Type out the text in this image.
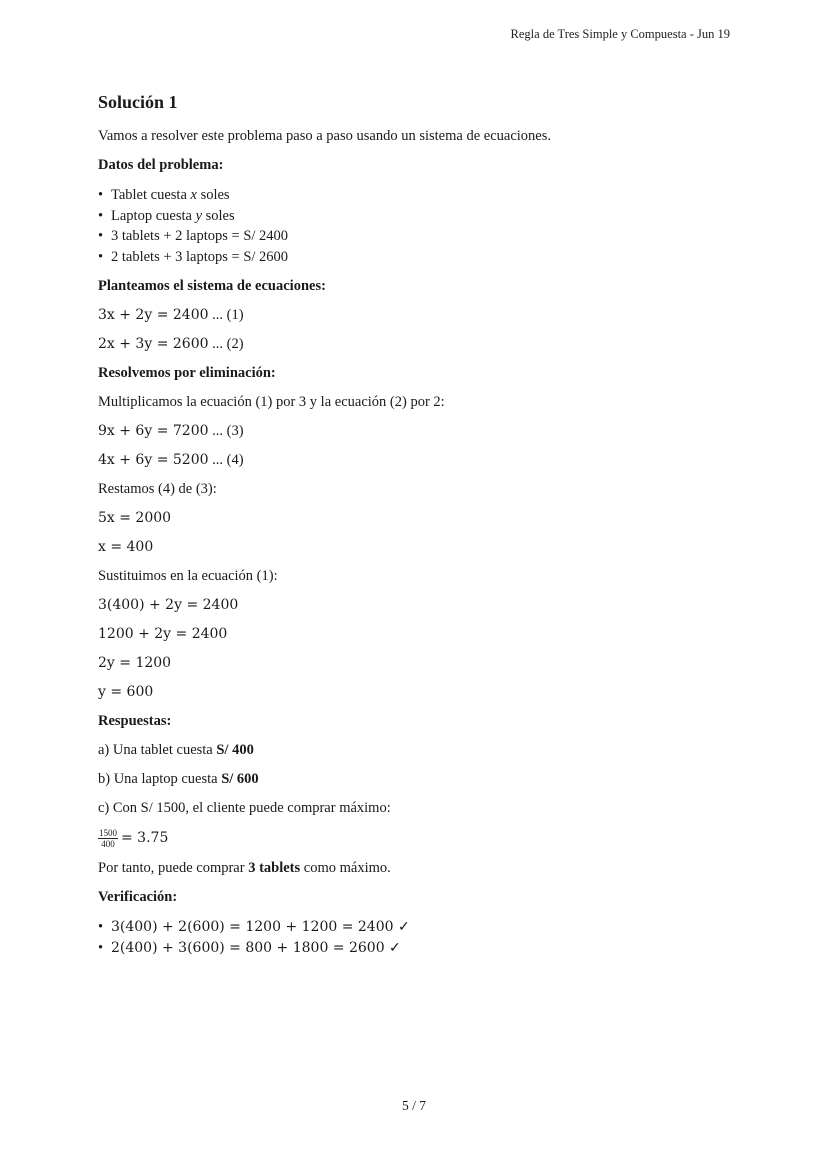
Regla de Tres Simple y Compuesta - Jun 19
Solución 1

Vamos a resolver este problema paso a paso usando un sistema de ecuaciones.

Datos del problema:
• Tablet cuesta x soles
• Laptop cuesta y soles
• 3 tablets + 2 laptops = S/ 2400
• 2 tablets + 3 laptops = S/ 2600
Planteamos el sistema de ecuaciones:

3x + 2y = 2400 ... (1)

2x + 3y = 2600 ... (2)

Resolvemos por eliminación:

Multiplicamos la ecuación (1) por 3 y la ecuación (2) por 2:

9x + 6y = 7200 ... (3)

4x + 6y = 5200 ... (4)

Restamos (4) de (3):

5x = 2000

x = 400

Sustituimos en la ecuación (1):

3(400) + 2y = 2400

1200 + 2y = 2400

2y = 1200

y = 600

Respuestas:

a) Una tablet cuesta S/ 400

b) Una laptop cuesta S/ 600

c) Con S/ 1500, el cliente puede comprar máximo:

$\frac{1500}{400} = 3.75$

Por tanto, puede comprar 3 tablets como máximo.

Verificación:
• 3(400) + 2(600) = 1200 + 1200 = 2400 ✓
• 2(400) + 3(600) = 800 + 1800 = 2600 ✓
5 / 7
